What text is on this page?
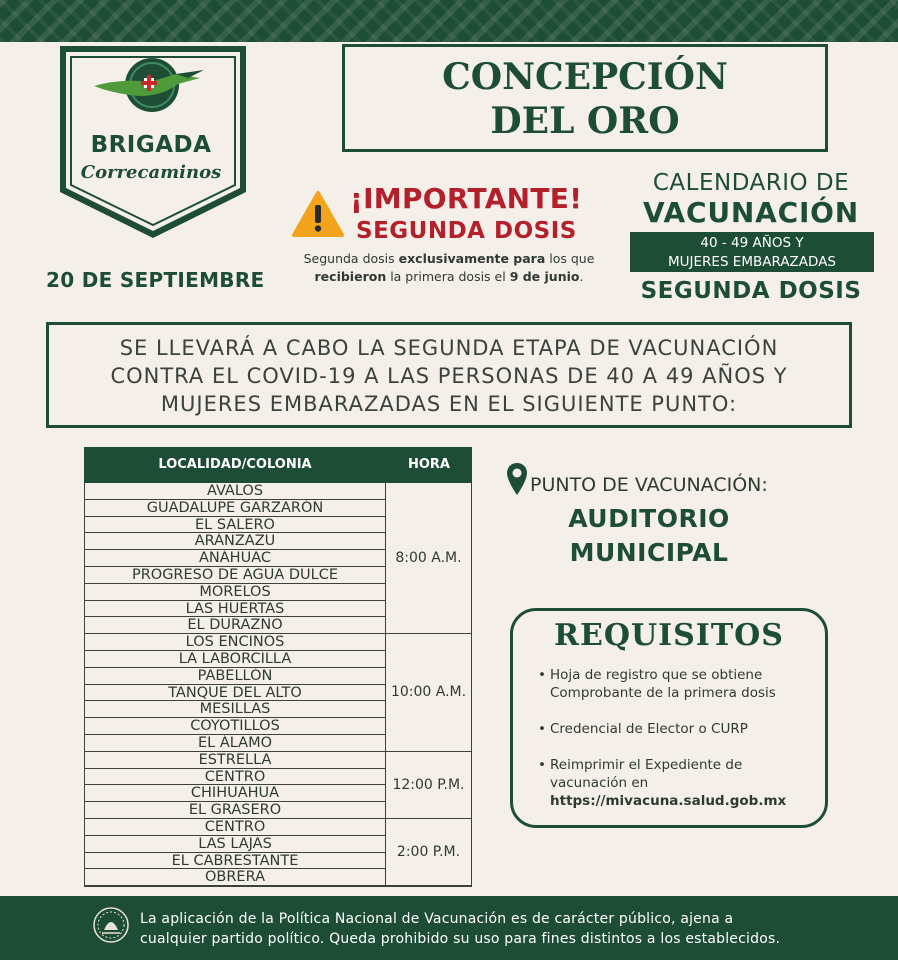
BRIGADA
Correcaminos
CONCEPCIÓN
DEL ORO
¡IMPORTANTE!
SEGUNDA DOSIS
Segunda dosis exclusivamente para los que
recibieron la primera dosis el 9 de junio.
20 DE SEPTIEMBRE
CALENDARIO DE
VACUNACIÓN
40 - 49 AÑOS Y
MUJERES EMBARAZADAS
SEGUNDA DOSIS
SE LLEVARÁ A CABO LA SEGUNDA ETAPA DE VACUNACIÓN
CONTRA EL COVID-19 A LAS PERSONAS DE 40 A 49 AÑOS Y
MUJERES EMBARAZADAS EN EL SIGUIENTE PUNTO:
LOCALIDAD/COLONIA	HORA
AVALOS
GUADALUPE GARZARÓN
EL SALERO
ARÁNZAZU
ANÁHUAC
PROGRESO DE AGUA DULCE
MORELOS
LAS HUERTAS
EL DURAZNO
8:00 A.M.
LOS ENCINOS
LA LABORCILLA
PABELLÓN
TANQUE DEL ALTO
MESILLAS
COYOTILLOS
EL ÁLAMO
10:00 A.M.
ESTRELLA
CENTRO
CHIHUAHUA
EL GRASERO
12:00 P.M.
CENTRO
LAS LAJAS
EL CABRESTANTE
OBRERA
2:00 P.M.
PUNTO DE VACUNACIÓN:
AUDITORIO
MUNICIPAL
REQUISITOS
• Hoja de registro que se obtiene
Comprobante de la primera dosis
• Credencial de Elector o CURP
• Reimprimir el Expediente de
vacunación en
https://mivacuna.salud.gob.mx
La aplicación de la Política Nacional de Vacunación es de carácter público, ajena a
cualquier partido político. Queda prohibido su uso para fines distintos a los establecidos.
